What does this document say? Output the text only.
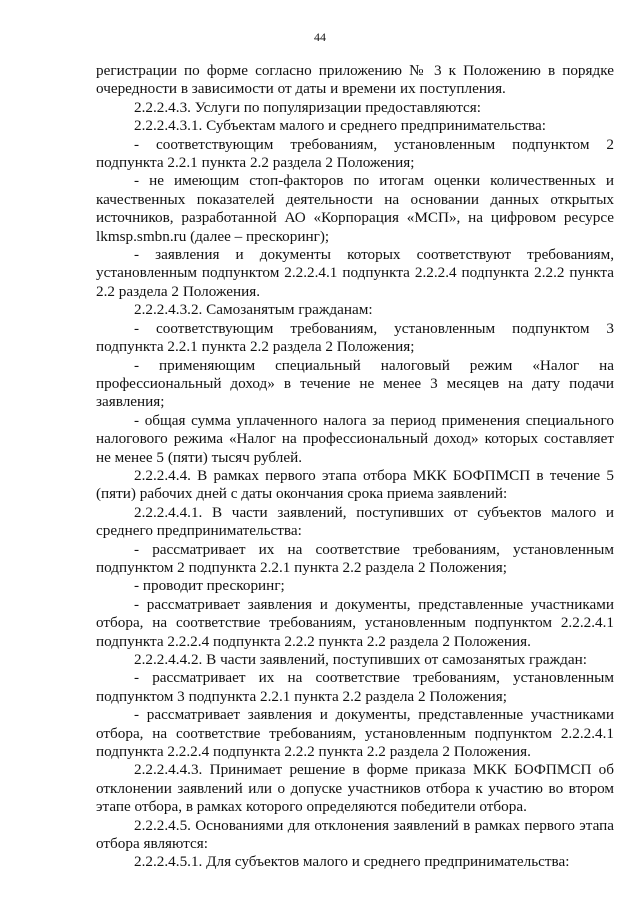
44

регистрации по форме согласно приложению № 3 к Положению в порядке очередности в зависимости от даты и времени их поступления.

2.2.2.4.3. Услуги по популяризации предоставляются:

2.2.2.4.3.1. Субъектам малого и среднего предпринимательства:

- соответствующим требованиям, установленным подпунктом 2 подпункта 2.2.1 пункта 2.2 раздела 2 Положения;

- не имеющим стоп-факторов по итогам оценки количественных и качественных показателей деятельности на основании данных открытых источников, разработанной АО «Корпорация «МСП», на цифровом ресурсе lkmsp.smbn.ru (далее – прескоринг);

- заявления и документы которых соответствуют требованиям, установленным подпунктом 2.2.2.4.1 подпункта 2.2.2.4 подпункта 2.2.2 пункта 2.2 раздела 2 Положения.

2.2.2.4.3.2. Самозанятым гражданам:

- соответствующим требованиям, установленным подпунктом 3 подпункта 2.2.1 пункта 2.2 раздела 2 Положения;

- применяющим специальный налоговый режим «Налог на профессиональный доход» в течение не менее 3 месяцев на дату подачи заявления;

- общая сумма уплаченного налога за период применения специального налогового режима «Налог на профессиональный доход» которых составляет не менее 5 (пяти) тысяч рублей.

2.2.2.4.4. В рамках первого этапа отбора МКК БОФПМСП в течение 5 (пяти) рабочих дней с даты окончания срока приема заявлений:

2.2.2.4.4.1. В части заявлений, поступивших от субъектов малого и среднего предпринимательства:

- рассматривает их на соответствие требованиям, установленным подпунктом 2 подпункта 2.2.1 пункта 2.2 раздела 2 Положения;

- проводит прескоринг;

- рассматривает заявления и документы, представленные участниками отбора, на соответствие требованиям, установленным подпунктом 2.2.2.4.1 подпункта 2.2.2.4 подпункта 2.2.2 пункта 2.2 раздела 2 Положения.

2.2.2.4.4.2. В части заявлений, поступивших от самозанятых граждан:

- рассматривает их на соответствие требованиям, установленным подпунктом 3 подпункта 2.2.1 пункта 2.2 раздела 2 Положения;

- рассматривает заявления и документы, представленные участниками отбора, на соответствие требованиям, установленным подпунктом 2.2.2.4.1 подпункта 2.2.2.4 подпункта 2.2.2 пункта 2.2 раздела 2 Положения.

2.2.2.4.4.3. Принимает решение в форме приказа МКК БОФПМСП об отклонении заявлений или о допуске участников отбора к участию во втором этапе отбора, в рамках которого определяются победители отбора.

2.2.2.4.5. Основаниями для отклонения заявлений в рамках первого этапа отбора являются:

2.2.2.4.5.1. Для субъектов малого и среднего предпринимательства:
